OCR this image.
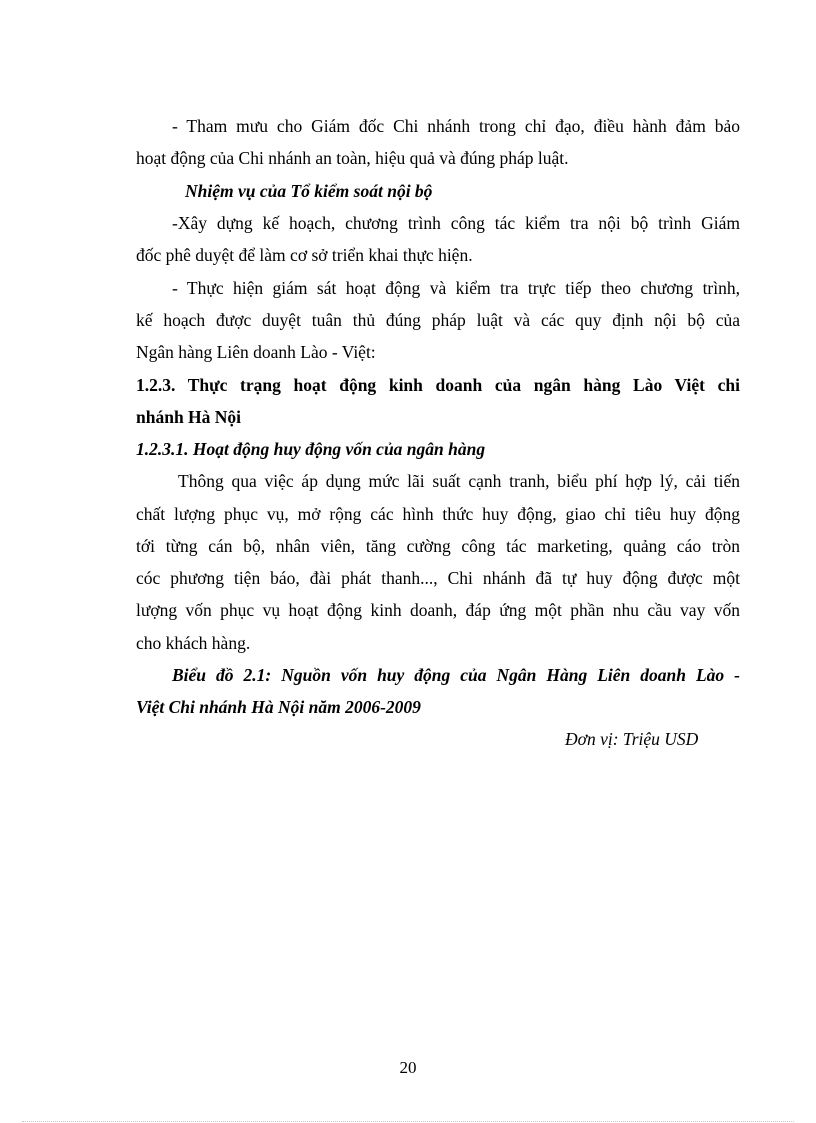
- Tham mưu cho Giám đốc Chi nhánh trong chỉ đạo, điều hành đảm bảo
hoạt động của Chi nhánh an toàn, hiệu quả và đúng pháp luật.
Nhiệm vụ của Tổ kiểm soát nội bộ
-Xây dựng kế hoạch, chương trình công tác kiểm tra nội bộ trình Giám
đốc phê duyệt để làm cơ sở triển khai thực hiện.
- Thực hiện giám sát hoạt động và kiểm tra trực tiếp theo chương trình,
kế hoạch được duyệt tuân thủ đúng pháp luật và các quy định nội bộ của
Ngân hàng Liên doanh Lào - Việt:
1.2.3. Thực trạng hoạt động kinh doanh của ngân hàng Lào Việt chi
nhánh Hà Nội
1.2.3.1. Hoạt động huy động vốn của ngân hàng
Thông qua việc áp dụng mức lãi suất cạnh tranh, biểu phí hợp lý, cải tiến
chất lượng phục vụ, mở rộng các hình thức huy động, giao chỉ tiêu huy động
tới từng cán bộ, nhân viên, tăng cường công tác marketing, quảng cáo tròn
cóc phương tiện báo, đài phát thanh..., Chi nhánh đã tự huy động được một
lượng vốn phục vụ hoạt động kinh doanh, đáp ứng một phần nhu cầu vay vốn
cho khách hàng.
Biểu đồ 2.1: Nguồn vốn huy động của Ngân Hàng Liên doanh Lào -
Việt Chi nhánh Hà Nội năm 2006-2009
Đơn vị: Triệu USD
20
